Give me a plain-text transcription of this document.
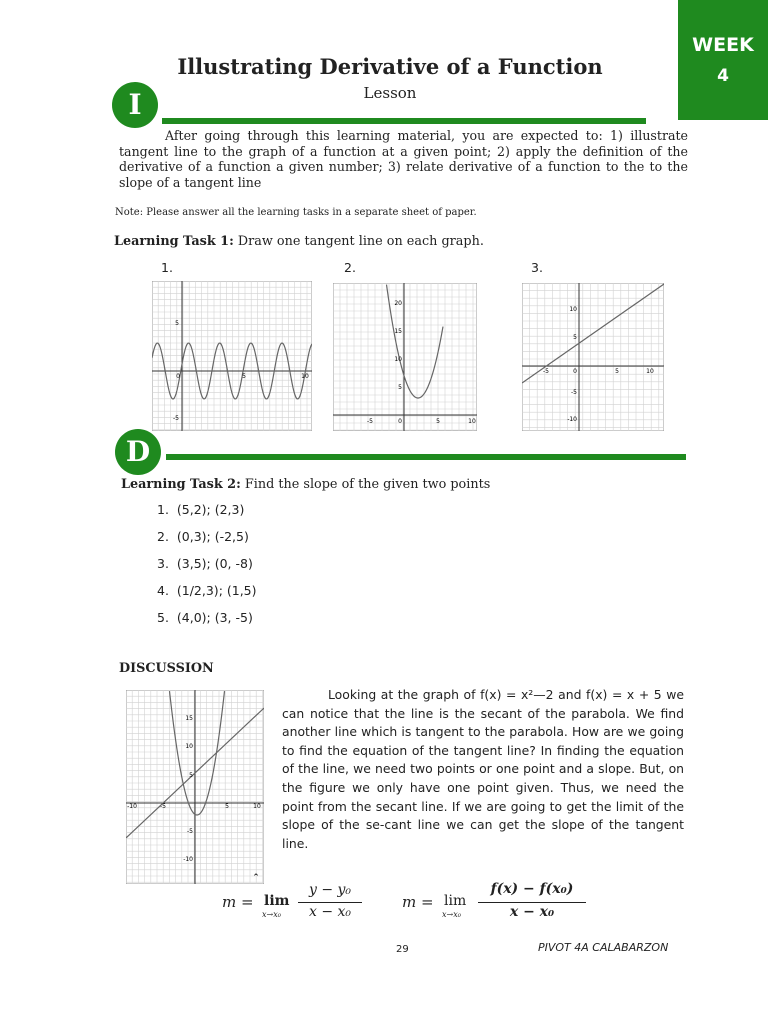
WEEK
4
Illustrating Derivative of a Function
Lesson
I
After going through this learning material, you are expected to: 1) illustrate tangent line to the graph of a function at a given point; 2) apply the definition of the derivative of a function a given number; 3) relate derivative of a function to the to the slope of a tangent line
Note: Please answer all the learning tasks in a separate sheet of paper.
Learning Task 1: Draw one tangent line on each graph.
1.	2.	3.
5
-5
0	5	10
20
15
10
5
-5	0	5	10
10
5
-5
-10
-5	0	5	10
D
Learning Task 2: Find the slope of the given two points
1. (5,2); (2,3)
2. (0,3); (-2,5)
3. (3,5); (0, -8)
4. (1/2,3); (1,5)
5. (4,0); (3, -5)
DISCUSSION
15
10
5
-5
-10
-10	-5	5	10
⌃
Looking at the graph of f(x) = x²—2 and f(x) = x + 5 we can notice that the line is the secant of the parabola. We find another line which is tangent to the parabola. How are we going to find the equation of the tangent line? In finding the equation of the line, we need two points or one point and a slope. But, on the figure we only have one point given. Thus, we need the point from the secant line. If we are going to get the limit of the slope of the se-cant line we can get the slope of the tangent line.
m = lim
x→x₀
y − y₀
x − x₀
m = lim
x→x₀
f(x) − f(x₀)
x − x₀
29	PIVOT 4A CALABARZON
